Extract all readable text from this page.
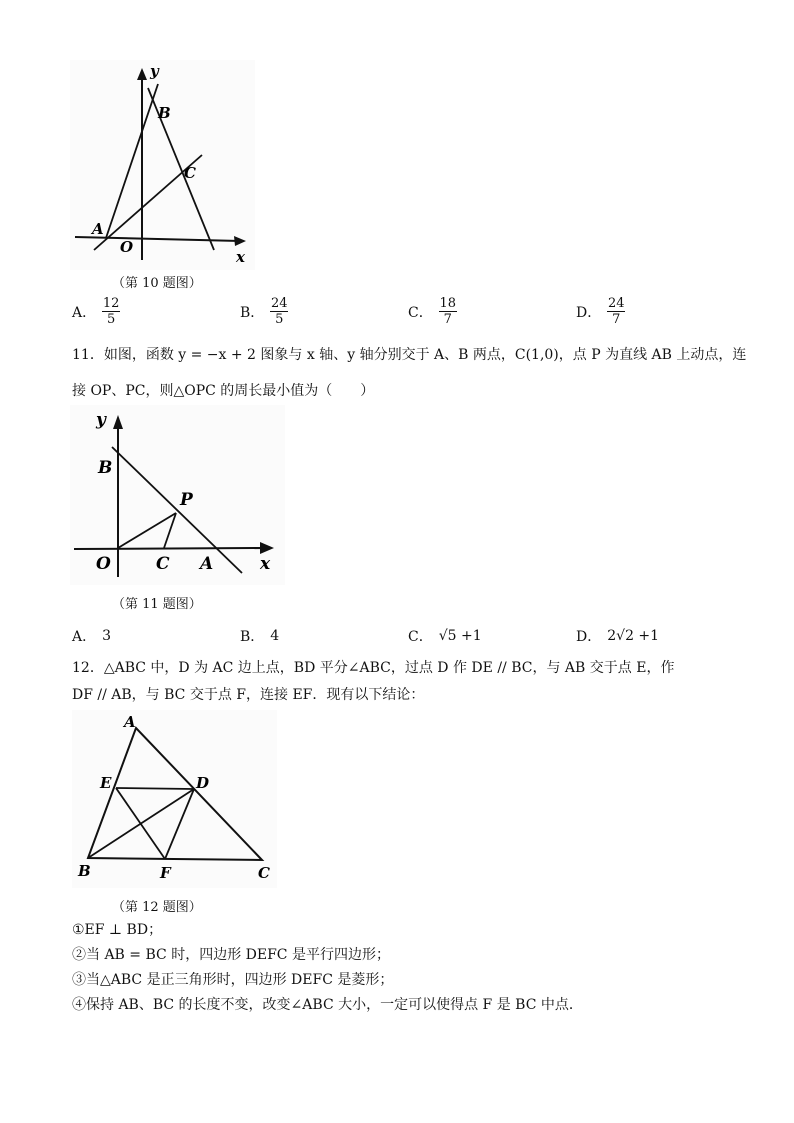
y
B
C
A
O
x
（第 10 题图）
A． $\frac{12}{5}$	B． $\frac{24}{5}$	C． $\frac{18}{7}$	D． $\frac{24}{7}$
11．如图，函数 y = −x + 2 图象与 x 轴、y 轴分别交于 A、B 两点，C(1,0)，点 P 为直线 AB 上动点，连
接 OP、PC，则△OPC 的周长最小值为（　　）
y
B
P
O	C A	x
（第 11 题图）
A． 3	B． 4	C． √5 +1	D． 2√2 +1
12．△ABC 中，D 为 AC 边上点，BD 平分∠ABC，过点 D 作 DE // BC，与 AB 交于点 E，作
DF // AB，与 BC 交于点 F，连接 EF．现有以下结论：
A
E	D
B	F	C
（第 12 题图）
①EF ⊥ BD；
②当 AB = BC 时，四边形 DEFC 是平行四边形；
③当△ABC 是正三角形时，四边形 DEFC 是菱形；
④保持 AB、BC 的长度不变，改变∠ABC 大小，一定可以使得点 F 是 BC 中点．
